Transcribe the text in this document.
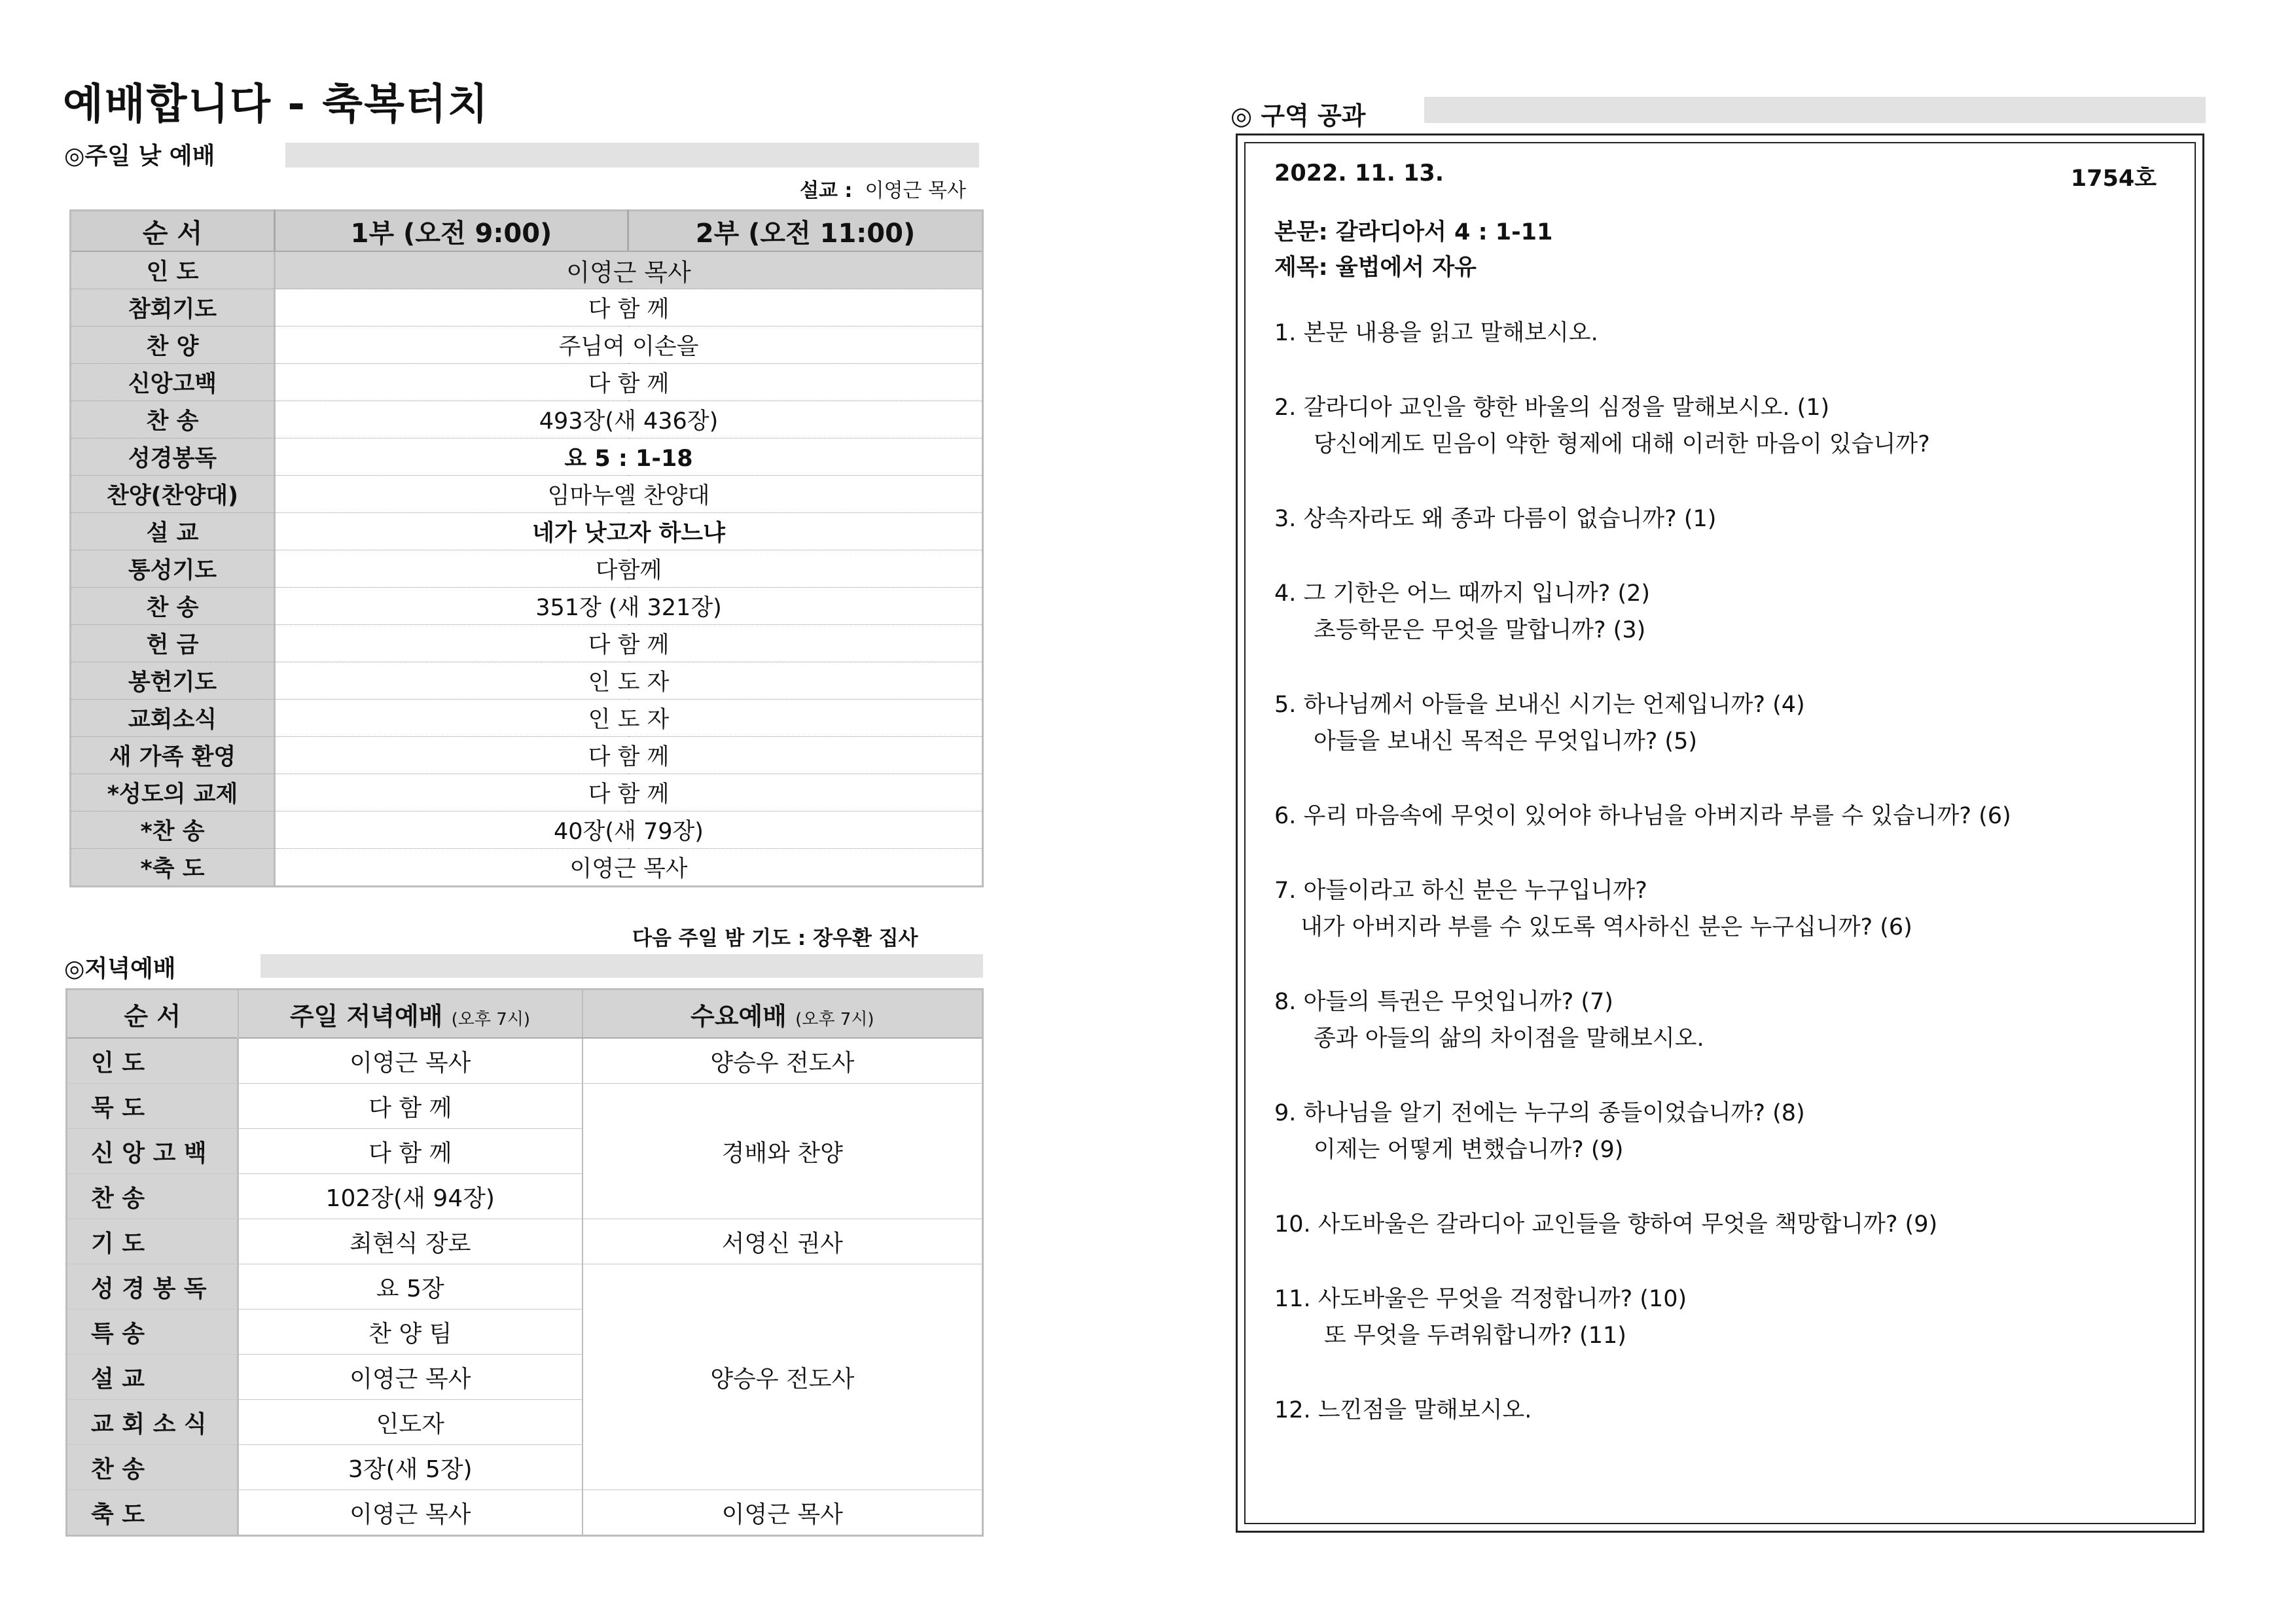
예배합니다 - 축복터치
◎주일 낮 예배
설교 : 이영근 목사
순 서	1부 (오전 9:00)	2부 (오전 11:00)
인 도	이영근 목사	
참회기도	다 함 께	
찬 양	주님여 이손을	
신앙고백	다 함 께	
찬 송	493장(새 436장)	
성경봉독	요 5 : 1-18	
찬양(찬양대)	임마누엘 찬양대	
설 교	네가 낫고자 하느냐	
통성기도	다함께	
찬 송	351장 (새 321장)	
헌 금	다 함 께	
봉헌기도	인 도 자	
교회소식	인 도 자	
새 가족 환영	다 함 께	
*성도의 교제	다 함 께	
*찬 송	40장(새 79장)	
*축 도	이영근 목사	
다음 주일 밤 기도 : 장우환 집사
◎저녁예배
순 서	주일 저녁예배 (오후 7시)	수요예배 (오후 7시)
인 도	이영근 목사	양승우 전도사
묵 도	다 함 께	경배와 찬양
신 앙 고 백	다 함 께	
찬 송	102장(새 94장)	
기 도	최현식 장로	서영신 권사
성 경 봉 독	요 5장	양승우 전도사
특 송	찬 양 팀	
설 교	이영근 목사	
교 회 소 식	인도자	
찬 송	3장(새 5장)	
축 도	이영근 목사	이영근 목사
◎ 구역 공과
2022. 11. 13.	1754호
본문: 갈라디아서 4 : 1-11
제목: 율법에서 자유
1. 본문 내용을 읽고 말해보시오.
2. 갈라디아 교인을 향한 바울의 심정을 말해보시오. (1)
당신에게도 믿음이 약한 형제에 대해 이러한 마음이 있습니까?
3. 상속자라도 왜 종과 다름이 없습니까? (1)
4. 그 기한은 어느 때까지 입니까? (2)
초등학문은 무엇을 말합니까? (3)
5. 하나님께서 아들을 보내신 시기는 언제입니까? (4)
아들을 보내신 목적은 무엇입니까? (5)
6. 우리 마음속에 무엇이 있어야 하나님을 아버지라 부를 수 있습니까? (6)
7. 아들이라고 하신 분은 누구입니까?
내가 아버지라 부를 수 있도록 역사하신 분은 누구십니까? (6)
8. 아들의 특권은 무엇입니까? (7)
종과 아들의 삶의 차이점을 말해보시오.
9. 하나님을 알기 전에는 누구의 종들이었습니까? (8)
이제는 어떻게 변했습니까? (9)
10. 사도바울은 갈라디아 교인들을 향하여 무엇을 책망합니까? (9)
11. 사도바울은 무엇을 걱정합니까? (10)
또 무엇을 두려워합니까? (11)
12. 느낀점을 말해보시오.
